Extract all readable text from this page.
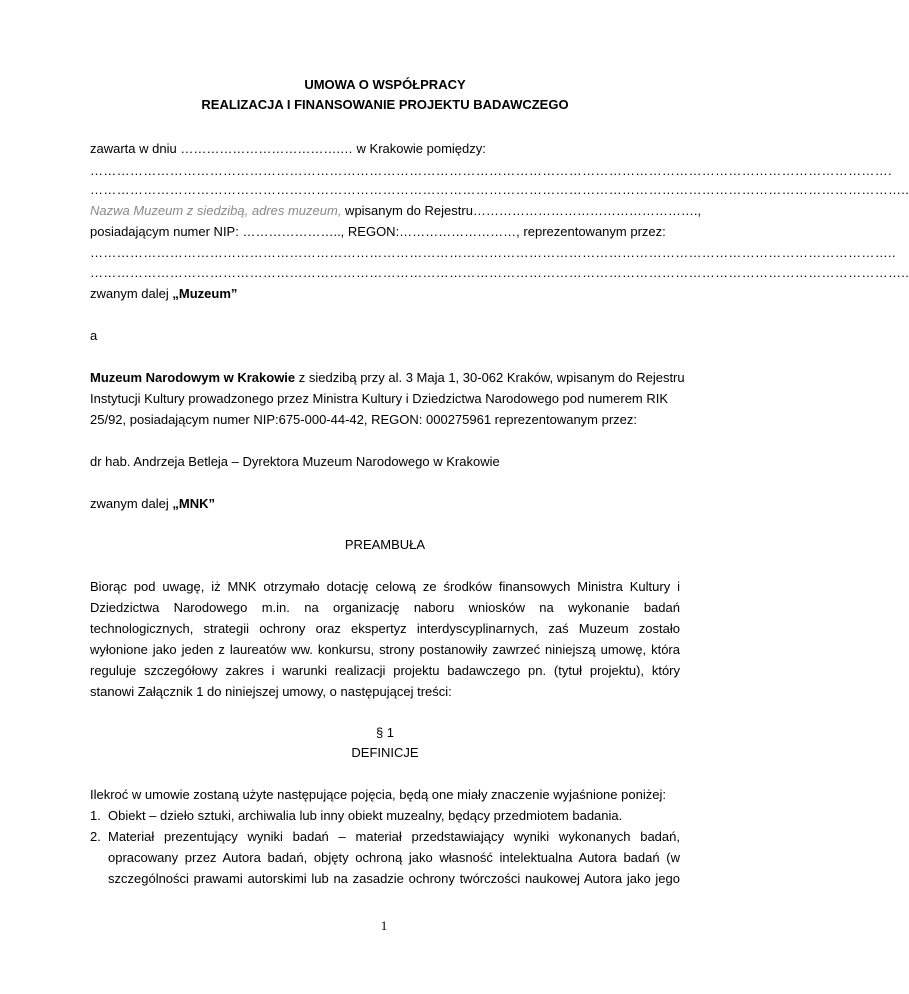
UMOWA O WSPÓŁPRACY
REALIZACJA I FINANSOWANIE PROJEKTU BADAWCZEGO
zawarta w dniu ……………………………….… w Krakowie pomiędzy:
……………………………………………………………………………………………………………………………………………………………….
…………………………………………………………………………………………………………………………………………………………………..
Nazwa Muzeum z siedzibą, adres muzeum, wpisanym do Rejestru…………………………………………….,
posiadającym numer NIP: ………………….., REGON:………………………, reprezentowanym przez:
………………………………………………………………………………………………………………………………………………………………..
…………………………………………………………………………………………………………………………………………………………………..
zwanym dalej „Muzeum”
a
Muzeum Narodowym w Krakowie z siedzibą przy al. 3 Maja 1, 30-062 Kraków, wpisanym do Rejestru
Instytucji Kultury prowadzonego przez Ministra Kultury i Dziedzictwa Narodowego pod numerem RIK
25/92, posiadającym numer NIP:675-000-44-42, REGON: 000275961 reprezentowanym przez:
dr hab. Andrzeja Betleja – Dyrektora Muzeum Narodowego w Krakowie
zwanym dalej „MNK”
PREAMBUŁA
Biorąc pod uwagę, iż MNK otrzymało dotację celową ze środków finansowych Ministra Kultury i
Dziedzictwa Narodowego m.in. na organizację naboru wniosków na wykonanie badań
technologicznych, strategii ochrony oraz ekspertyz interdyscyplinarnych, zaś Muzeum zostało
wyłonione jako jeden z laureatów ww. konkursu, strony postanowiły zawrzeć niniejszą umowę, która
reguluje szczegółowy zakres i warunki realizacji projektu badawczego pn. (tytuł projektu), który
stanowi Załącznik 1 do niniejszej umowy, o następującej treści:
§ 1
DEFINICJE
Ilekroć w umowie zostaną użyte następujące pojęcia, będą one miały znaczenie wyjaśnione poniżej:
1. Obiekt – dzieło sztuki, archiwalia lub inny obiekt muzealny, będący przedmiotem badania.
2. Materiał prezentujący wyniki badań – materiał przedstawiający wyniki wykonanych badań,
opracowany przez Autora badań, objęty ochroną jako własność intelektualna Autora badań (w
szczególności prawami autorskimi lub na zasadzie ochrony twórczości naukowej Autora jako jego
1
